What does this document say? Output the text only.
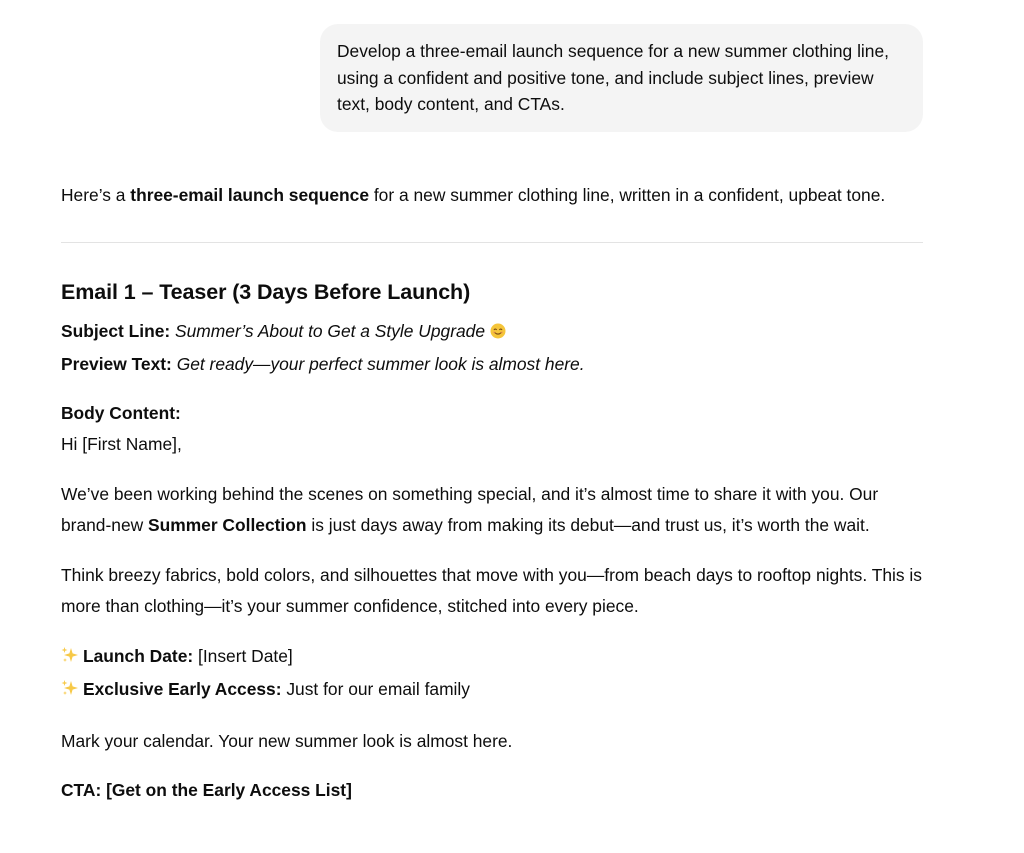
Develop a three-email launch sequence for a new summer clothing line, using a confident and positive tone, and include subject lines, preview text, body content, and CTAs.

Here’s a three-email launch sequence for a new summer clothing line, written in a confident, upbeat tone.

Email 1 – Teaser (3 Days Before Launch)

Subject Line: Summer’s About to Get a Style Upgrade

Preview Text: Get ready—your perfect summer look is almost here.

Body Content:

Hi [First Name],

We’ve been working behind the scenes on something special, and it’s almost time to share it with you. Our brand-new Summer Collection is just days away from making its debut—and trust us, it’s worth the wait.

Think breezy fabrics, bold colors, and silhouettes that move with you—from beach days to rooftop nights. This is more than clothing—it’s your summer confidence, stitched into every piece.

Launch Date: [Insert Date]

Exclusive Early Access: Just for our email family

Mark your calendar. Your new summer look is almost here.

CTA: [Get on the Early Access List]
